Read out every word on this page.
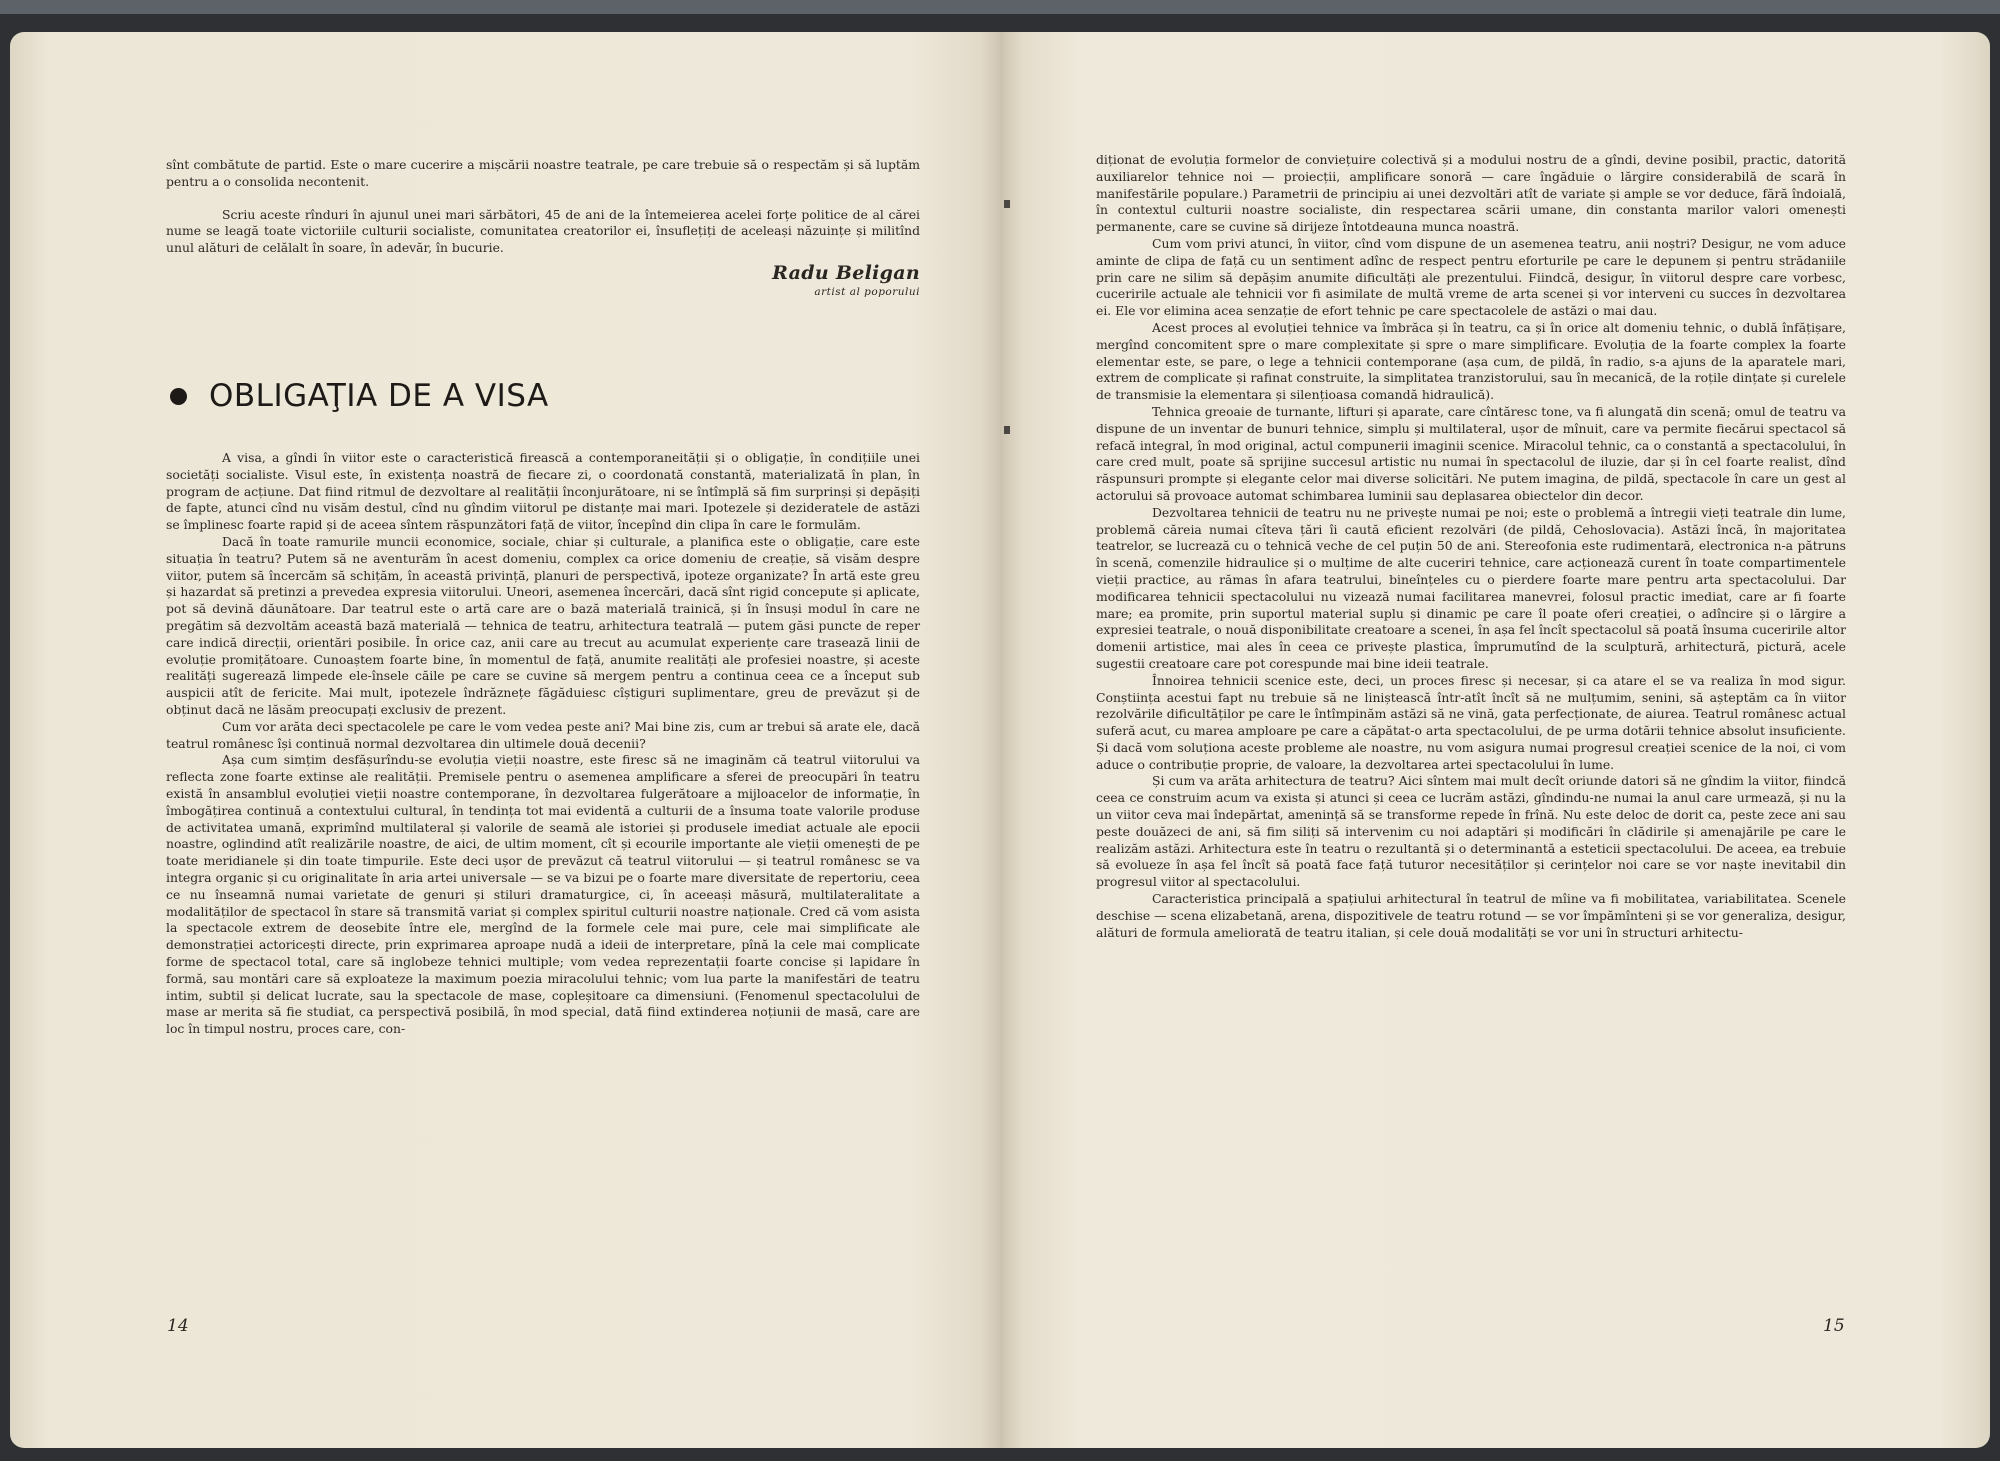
sînt combătute de partid. Este o mare cucerire a mișcării noastre teatrale, pe care trebuie să o respectăm și să luptăm pentru a o consolida necontenit.

Scriu aceste rînduri în ajunul unei mari sărbători, 45 de ani de la întemeierea acelei forțe politice de al cărei nume se leagă toate victoriile culturii socialiste, comunitatea creatorilor ei, însuflețiți de aceleași năzuințe și militînd unul alături de celălalt în soare, în adevăr, în bucurie.

Radu Beligan
artist al poporului
OBLIGAŢIA DE A VISA

A visa, a gîndi în viitor este o caracteristică firească a contemporaneității și o obligație, în condițiile unei societăți socialiste. Visul este, în existența noastră de fiecare zi, o coordonată constantă, materializată în plan, în program de acțiune. Dat fiind ritmul de dezvoltare al realității înconjurătoare, ni se întîmplă să fim surprinși și depășiți de fapte, atunci cînd nu visăm destul, cînd nu gîndim viitorul pe distanțe mai mari. Ipotezele și dezideratele de astăzi se împlinesc foarte rapid și de aceea sîntem răspunzători față de viitor, începînd din clipa în care le formulăm.

Dacă în toate ramurile muncii economice, sociale, chiar și culturale, a planifica este o obligație, care este situația în teatru? Putem să ne aventurăm în acest domeniu, complex ca orice domeniu de creație, să visăm despre viitor, putem să încercăm să schițăm, în această privință, planuri de perspectivă, ipoteze organizate? În artă este greu și hazardat să pretinzi a prevedea expresia viitorului. Uneori, asemenea încercări, dacă sînt rigid concepute și aplicate, pot să devină dăunătoare. Dar teatrul este o artă care are o bază materială trainică, și în însuși modul în care ne pregătim să dezvoltăm această bază materială — tehnica de teatru, arhitectura teatrală — putem găsi puncte de reper care indică direcții, orientări posibile. În orice caz, anii care au trecut au acumulat experiențe care trasează linii de evoluție promițătoare. Cunoaștem foarte bine, în momentul de față, anumite realități ale profesiei noastre, și aceste realități sugerează limpede ele-însele căile pe care se cuvine să mergem pentru a continua ceea ce a început sub auspicii atît de fericite. Mai mult, ipotezele îndrăznețe făgăduiesc cîștiguri suplimentare, greu de prevăzut și de obținut dacă ne lăsăm preocupați exclusiv de prezent.

Cum vor arăta deci spectacolele pe care le vom vedea peste ani? Mai bine zis, cum ar trebui să arate ele, dacă teatrul românesc își continuă normal dezvoltarea din ultimele două decenii?

Așa cum simțim desfășurîndu-se evoluția vieții noastre, este firesc să ne imaginăm că teatrul viitorului va reflecta zone foarte extinse ale realității. Premisele pentru o asemenea amplificare a sferei de preocupări în teatru există în ansamblul evoluției vieții noastre contemporane, în dezvoltarea fulgerătoare a mijloacelor de informație, în îmbogățirea continuă a contextului cultural, în tendința tot mai evidentă a culturii de a însuma toate valorile produse de activitatea umană, exprimînd multilateral și valorile de seamă ale istoriei și produsele imediat actuale ale epocii noastre, oglindind atît realizările noastre, de aici, de ultim moment, cît și ecourile importante ale vieții omenești de pe toate meridianele și din toate timpurile. Este deci ușor de prevăzut că teatrul viitorului — și teatrul românesc se va integra organic și cu originalitate în aria artei universale — se va bizui pe o foarte mare diversitate de repertoriu, ceea ce nu înseamnă numai varietate de genuri și stiluri dramaturgice, ci, în aceeași măsură, multilateralitate a modalităților de spectacol în stare să transmită variat și complex spiritul culturii noastre naționale. Cred că vom asista la spectacole extrem de deosebite între ele, mergînd de la formele cele mai pure, cele mai simplificate ale demonstrației actoricești directe, prin exprimarea aproape nudă a ideii de interpretare, pînă la cele mai complicate forme de spectacol total, care să inglobeze tehnici multiple; vom vedea reprezentații foarte concise și lapidare în formă, sau montări care să exploateze la maximum poezia miracolului tehnic; vom lua parte la manifestări de teatru intim, subtil și delicat lucrate, sau la spectacole de mase, copleșitoare ca dimensiuni. (Fenomenul spectacolului de mase ar merita să fie studiat, ca perspectivă posibilă, în mod special, dată fiind extinderea noțiunii de masă, care are loc în timpul nostru, proces care, con-

14

diționat de evoluția formelor de conviețuire colectivă și a modului nostru de a gîndi, devine posibil, practic, datorită auxiliarelor tehnice noi — proiecții, amplificare sonoră — care îngăduie o lărgire considerabilă de scară în manifestările populare.) Parametrii de principiu ai unei dezvoltări atît de variate și ample se vor deduce, fără îndoială, în contextul culturii noastre socialiste, din respectarea scării umane, din constanta marilor valori omenești permanente, care se cuvine să dirijeze întotdeauna munca noastră.

Cum vom privi atunci, în viitor, cînd vom dispune de un asemenea teatru, anii noștri? Desigur, ne vom aduce aminte de clipa de față cu un sentiment adînc de respect pentru eforturile pe care le depunem și pentru strădaniile prin care ne silim să depășim anumite dificultăți ale prezentului. Fiindcă, desigur, în viitorul despre care vorbesc, cuceririle actuale ale tehnicii vor fi asimilate de multă vreme de arta scenei și vor interveni cu succes în dezvoltarea ei. Ele vor elimina acea senzație de efort tehnic pe care spectacolele de astăzi o mai dau.

Acest proces al evoluției tehnice va îmbrăca și în teatru, ca și în orice alt domeniu tehnic, o dublă înfățișare, mergînd concomitent spre o mare complexitate și spre o mare simplificare. Evoluția de la foarte complex la foarte elementar este, se pare, o lege a tehnicii contemporane (așa cum, de pildă, în radio, s-a ajuns de la aparatele mari, extrem de complicate și rafinat construite, la simplitatea tranzistorului, sau în mecanică, de la roțile dințate și curelele de transmisie la elementara și silențioasa comandă hidraulică).

Tehnica greoaie de turnante, lifturi și aparate, care cîntăresc tone, va fi alungată din scenă; omul de teatru va dispune de un inventar de bunuri tehnice, simplu și multilateral, ușor de mînuit, care va permite fiecărui spectacol să refacă integral, în mod original, actul compunerii imaginii scenice. Miracolul tehnic, ca o constantă a spectacolului, în care cred mult, poate să sprijine succesul artistic nu numai în spectacolul de iluzie, dar și în cel foarte realist, dînd răspunsuri prompte și elegante celor mai diverse solicitări. Ne putem imagina, de pildă, spectacole în care un gest al actorului să provoace automat schimbarea luminii sau deplasarea obiectelor din decor.

Dezvoltarea tehnicii de teatru nu ne privește numai pe noi; este o problemă a întregii vieți teatrale din lume, problemă căreia numai cîteva țări îi caută eficient rezolvări (de pildă, Cehoslovacia). Astăzi încă, în majoritatea teatrelor, se lucrează cu o tehnică veche de cel puțin 50 de ani. Stereofonia este rudimentară, electronica n-a pătruns în scenă, comenzile hidraulice și o mulțime de alte cuceriri tehnice, care acționează curent în toate compartimentele vieții practice, au rămas în afara teatrului, bineînțeles cu o pierdere foarte mare pentru arta spectacolului. Dar modificarea tehnicii spectacolului nu vizează numai facilitarea manevrei, folosul practic imediat, care ar fi foarte mare; ea promite, prin suportul material suplu și dinamic pe care îl poate oferi creației, o adîncire și o lărgire a expresiei teatrale, o nouă disponibilitate creatoare a scenei, în așa fel încît spectacolul să poată însuma cuceririle altor domenii artistice, mai ales în ceea ce privește plastica, împrumutînd de la sculptură, arhitectură, pictură, acele sugestii creatoare care pot corespunde mai bine ideii teatrale.

Înnoirea tehnicii scenice este, deci, un proces firesc și necesar, și ca atare el se va realiza în mod sigur. Conștiința acestui fapt nu trebuie să ne liniștească într-atît încît să ne mulțumim, senini, să așteptăm ca în viitor rezolvările dificultăților pe care le întîmpinăm astăzi să ne vină, gata perfecționate, de aiurea. Teatrul românesc actual suferă acut, cu marea amploare pe care a căpătat-o arta spectacolului, de pe urma dotării tehnice absolut insuficiente. Și dacă vom soluționa aceste probleme ale noastre, nu vom asigura numai progresul creației scenice de la noi, ci vom aduce o contribuție proprie, de valoare, la dezvoltarea artei spectacolului în lume.

Și cum va arăta arhitectura de teatru? Aici sîntem mai mult decît oriunde datori să ne gîndim la viitor, fiindcă ceea ce construim acum va exista și atunci și ceea ce lucrăm astăzi, gîndindu-ne numai la anul care urmează, și nu la un viitor ceva mai îndepărtat, amenință să se transforme repede în frînă. Nu este deloc de dorit ca, peste zece ani sau peste douăzeci de ani, să fim siliți să intervenim cu noi adaptări și modificări în clădirile și amenajările pe care le realizăm astăzi. Arhitectura este în teatru o rezultantă și o determinantă a esteticii spectacolului. De aceea, ea trebuie să evolueze în așa fel încît să poată face față tuturor necesităților și cerințelor noi care se vor naște inevitabil din progresul viitor al spectacolului.

Caracteristica principală a spațiului arhitectural în teatrul de mîine va fi mobilitatea, variabilitatea. Scenele deschise — scena elizabetană, arena, dispozitivele de teatru rotund — se vor împămînteni și se vor generaliza, desigur, alături de formula ameliorată de teatru italian, și cele două modalități se vor uni în structuri arhitectu-

15
